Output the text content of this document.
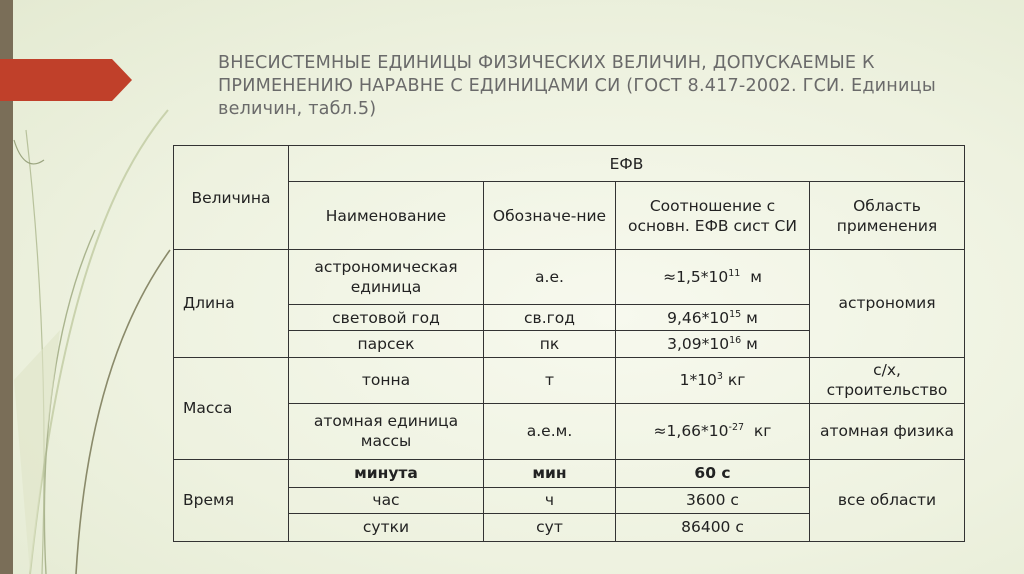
ВНЕСИСТЕМНЫЕ ЕДИНИЦЫ ФИЗИЧЕСКИХ ВЕЛИЧИН, ДОПУСКАЕМЫЕ К ПРИМЕНЕНИЮ НАРАВНЕ С ЕДИНИЦАМИ СИ (ГОСТ 8.417-2002. ГСИ. Единицы величин, табл.5)
Величина	ЕФВ			
	Наименование	Обозначе-ние	Соотношение с основн. ЕФВ сист СИ	Область применения
Длина	астрономическая единица	а.е.	$\approx 1,5*10^{11}$ м	астрономия
	световой год	св.год	$9,46*10^{15}$ м	
	парсек	пк	$3,09*10^{16}$ м	
Масса	тонна	т	$1*10^3$ кг	с/х, строительство
	атомная единица массы	а.е.м.	$\approx 1,66*10^{-27}$ кг	атомная физика
Время	минута	мин	60 с	все области
	час	ч	3600 с	
	сутки	сут	86400 с	
